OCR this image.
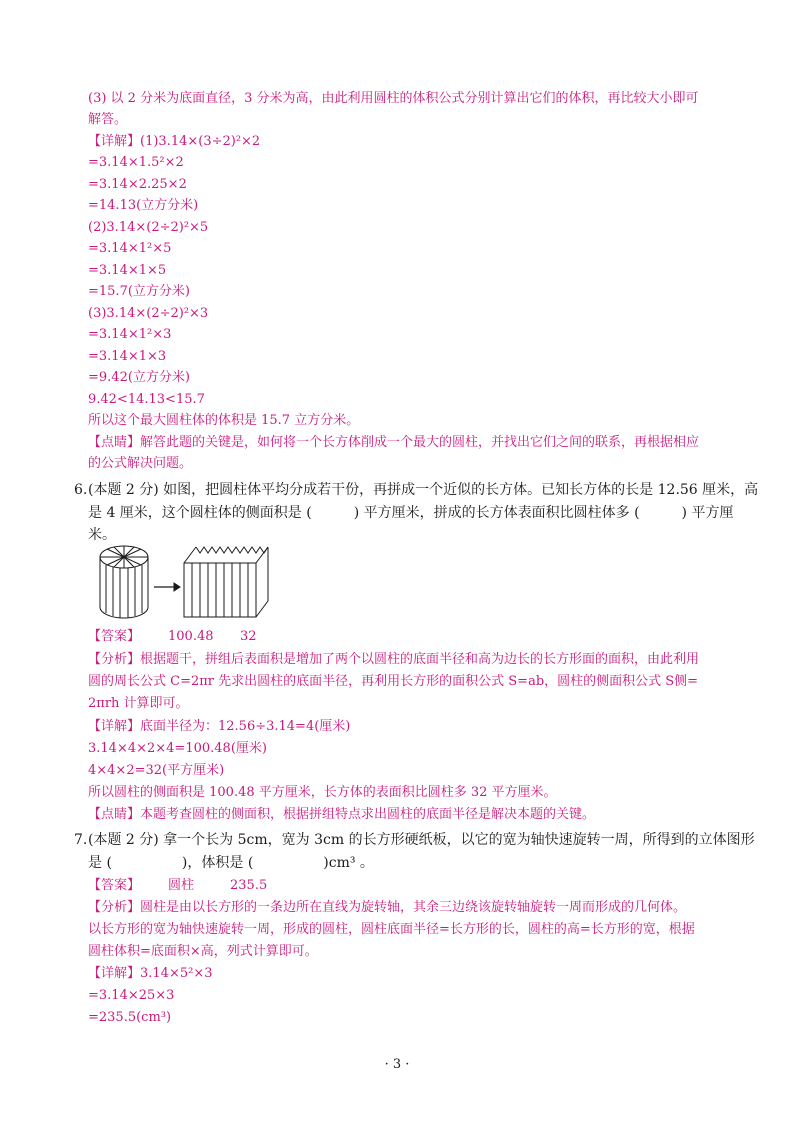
(3) 以 2 分米为底面直径，3 分米为高，由此利用圆柱的体积公式分别计算出它们的体积，再比较大小即可
解答。
【详解】(1)3.14×(3÷2)²×2
=3.14×1.5²×2
=3.14×2.25×2
=14.13(立方分米)
(2)3.14×(2÷2)²×5
=3.14×1²×5
=3.14×1×5
=15.7(立方分米)
(3)3.14×(2÷2)²×3
=3.14×1²×3
=3.14×1×3
=9.42(立方分米)
9.42<14.13<15.7
所以这个最大圆柱体的体积是 15.7 立方分米。
【点睛】解答此题的关键是，如何将一个长方体削成一个最大的圆柱，并找出它们之间的联系，再根据相应
的公式解决问题。
6. (本题 2 分) 如图，把圆柱体平均分成若干份，再拼成一个近似的长方体。已知长方体的长是 12.56 厘米，高
是 4 厘米，这个圆柱体的侧面积是 (　　　) 平方厘米，拼成的长方体表面积比圆柱体多 (　　　) 平方厘
米。
【答案】 100.48 32
【分析】根据题干，拼组后表面积是增加了两个以圆柱的底面半径和高为边长的长方形面的面积，由此利用
圆的周长公式 C=2πr 先求出圆柱的底面半径，再利用长方形的面积公式 S=ab，圆柱的侧面积公式 S侧=
2πrh 计算即可。
【详解】底面半径为：12.56÷3.14=4(厘米)
3.14×4×2×4=100.48(厘米)
4×4×2=32(平方厘米)
所以圆柱的侧面积是 100.48 平方厘米，长方体的表面积比圆柱多 32 平方厘米。
【点睛】本题考查圆柱的侧面积，根据拼组特点求出圆柱的底面半径是解决本题的关键。
7. (本题 2 分) 拿一个长为 5cm，宽为 3cm 的长方形硬纸板，以它的宽为轴快速旋转一周，所得到的立体图形
是 (　　　　　)，体积是 (　　　　　)cm³ 。
【答案】 圆柱	235.5
【分析】圆柱是由以长方形的一条边所在直线为旋转轴，其余三边绕该旋转轴旋转一周而形成的几何体。
以长方形的宽为轴快速旋转一周，形成的圆柱，圆柱底面半径=长方形的长，圆柱的高=长方形的宽，根据
圆柱体积=底面积×高，列式计算即可。
【详解】3.14×5²×3
=3.14×25×3
=235.5(cm³)
· 3 ·
